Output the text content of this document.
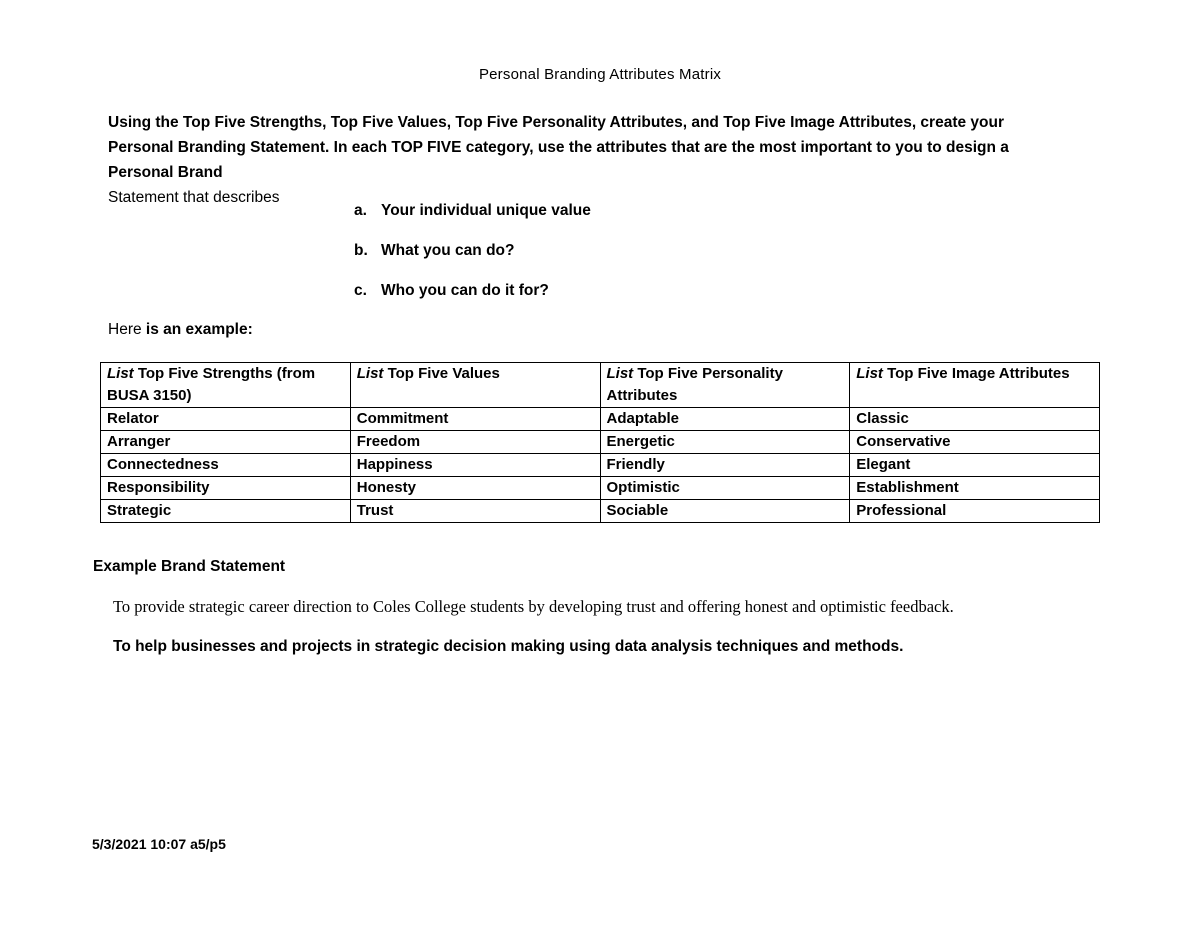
Personal Branding Attributes Matrix
Using the Top Five Strengths, Top Five Values, Top Five Personality Attributes, and Top Five Image Attributes, create your Personal Branding Statement. In each TOP FIVE category, use the attributes that are the most important to you to design a Personal Brand
Statement that describes
a. Your individual unique value
b. What you can do?
c. Who you can do it for?
Here is an example:
List Top Five Strengths (from BUSA 3150)	List Top Five Values	List Top Five Personality Attributes	List Top Five Image Attributes
Relator	Commitment	Adaptable	Classic
Arranger	Freedom	Energetic	Conservative
Connectedness	Happiness	Friendly	Elegant
Responsibility	Honesty	Optimistic	Establishment
Strategic	Trust	Sociable	Professional
Example Brand Statement
To provide strategic career direction to Coles College students by developing trust and offering honest and optimistic feedback.
To help businesses and projects in strategic decision making using data analysis techniques and methods.
5/3/2021 10:07 a5/p5
